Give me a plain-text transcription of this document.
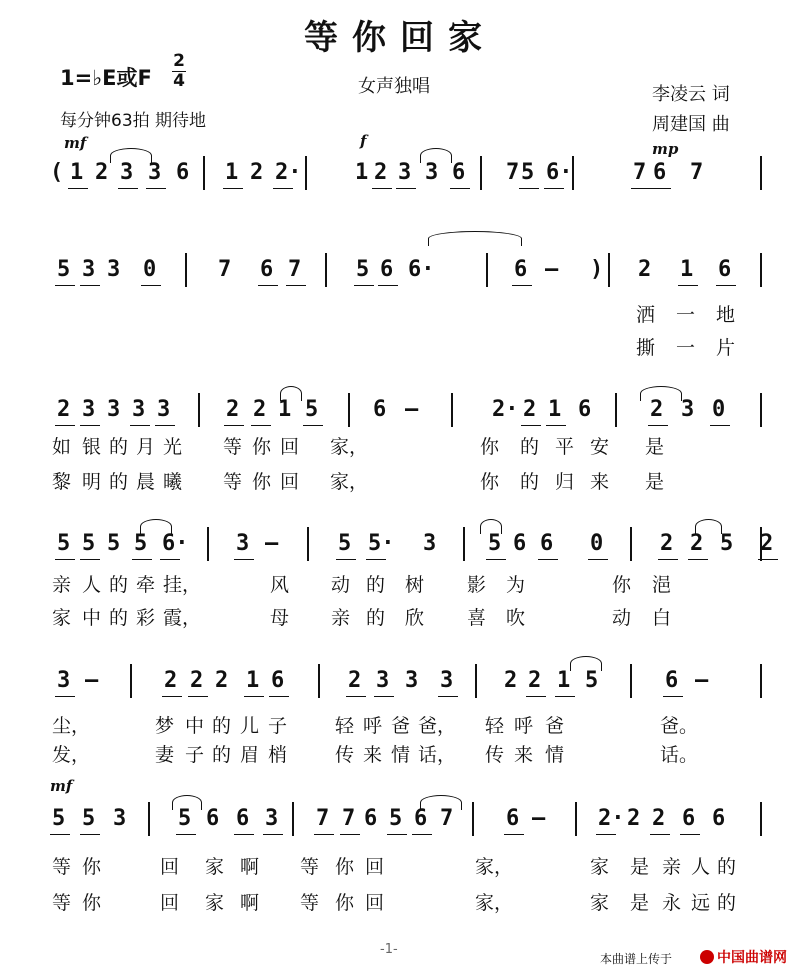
等你回家
1=♭E或F
2
4
每分钟63拍 期待地
女声独唱	李凌云 词
周建国 曲
( 1 2 3 3 6 1 2 2· 1 2 3 3 6 7 5 6·	7 6 7
5 3 3 0	7 6 7 5 6 6·	6 – ) 2 1 6
洒 一 地
撕 一 片
2 3 3 3 3	2 2 1 5 6 –	2· 2 1 6	2 3 0
如 银 的 月 光 等 你 回 家，	你 的 平 安 是
黎 明 的 晨 曦 等 你 回 家，	你 的 归 来 是
5 5 5 5 6· 3 –	5 5· 3 5 6 6 0	2 2 5 2
亲 人 的 牵 挂，	风 动 的 树 影 为	你 浥
家 中 的 彩 霞，	母 亲 的 欣 喜 吹	动 白
3 –	2 2 2 1 6	2 3 3 3 2 2 1 5	6 –
尘，	梦 中 的 儿 子	轻 呼 爸 爸， 轻 呼 爸	爸。
发，	妻 子 的 眉 梢	传 来 情 话， 传 来 情	话。
5 5 3 5 6 6 3 7 7 6 5 6 7 6 – 2· 2 2 6 6
等 你	回 家 啊 等 你 回	家，	家 是 亲 人 的
等 你	回 家 啊 等 你 回	家，	家 是 永 远 的
mf	f	mp
mf
-1-
本曲谱上传于	中国曲谱网
